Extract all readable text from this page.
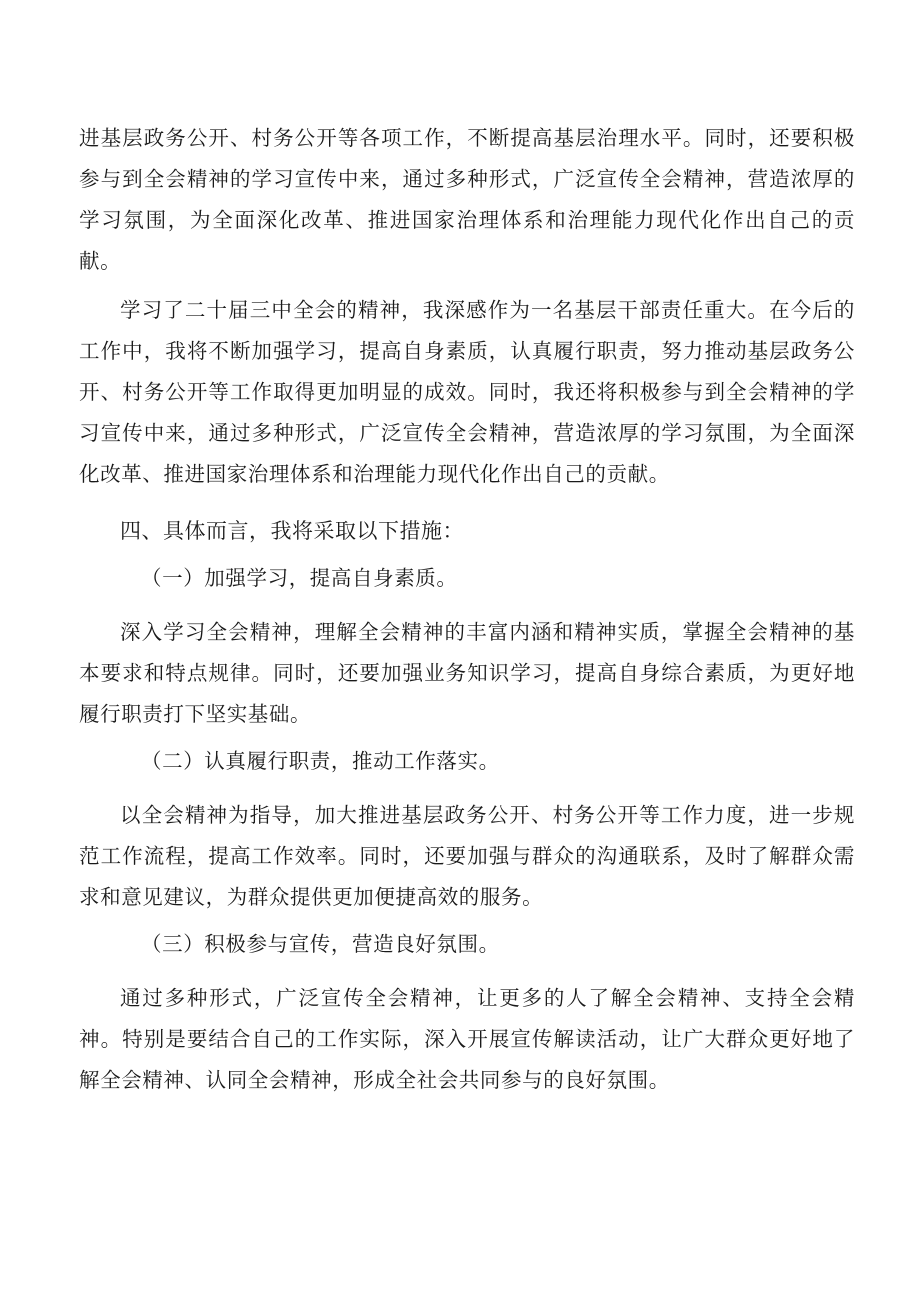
进基层政务公开、村务公开等各项工作，不断提高基层治理水平。同时，还要积极参与到全会精神的学习宣传中来，通过多种形式，广泛宣传全会精神，营造浓厚的学习氛围，为全面深化改革、推进国家治理体系和治理能力现代化作出自己的贡献。

学习了二十届三中全会的精神，我深感作为一名基层干部责任重大。在今后的工作中，我将不断加强学习，提高自身素质，认真履行职责，努力推动基层政务公开、村务公开等工作取得更加明显的成效。同时，我还将积极参与到全会精神的学习宣传中来，通过多种形式，广泛宣传全会精神，营造浓厚的学习氛围，为全面深化改革、推进国家治理体系和治理能力现代化作出自己的贡献。

四、具体而言，我将采取以下措施：

（一）加强学习，提高自身素质。

深入学习全会精神，理解全会精神的丰富内涵和精神实质，掌握全会精神的基本要求和特点规律。同时，还要加强业务知识学习，提高自身综合素质，为更好地履行职责打下坚实基础。

（二）认真履行职责，推动工作落实。

以全会精神为指导，加大推进基层政务公开、村务公开等工作力度，进一步规范工作流程，提高工作效率。同时，还要加强与群众的沟通联系，及时了解群众需求和意见建议，为群众提供更加便捷高效的服务。

（三）积极参与宣传，营造良好氛围。

通过多种形式，广泛宣传全会精神，让更多的人了解全会精神、支持全会精神。特别是要结合自己的工作实际，深入开展宣传解读活动，让广大群众更好地了解全会精神、认同全会精神，形成全社会共同参与的良好氛围。
